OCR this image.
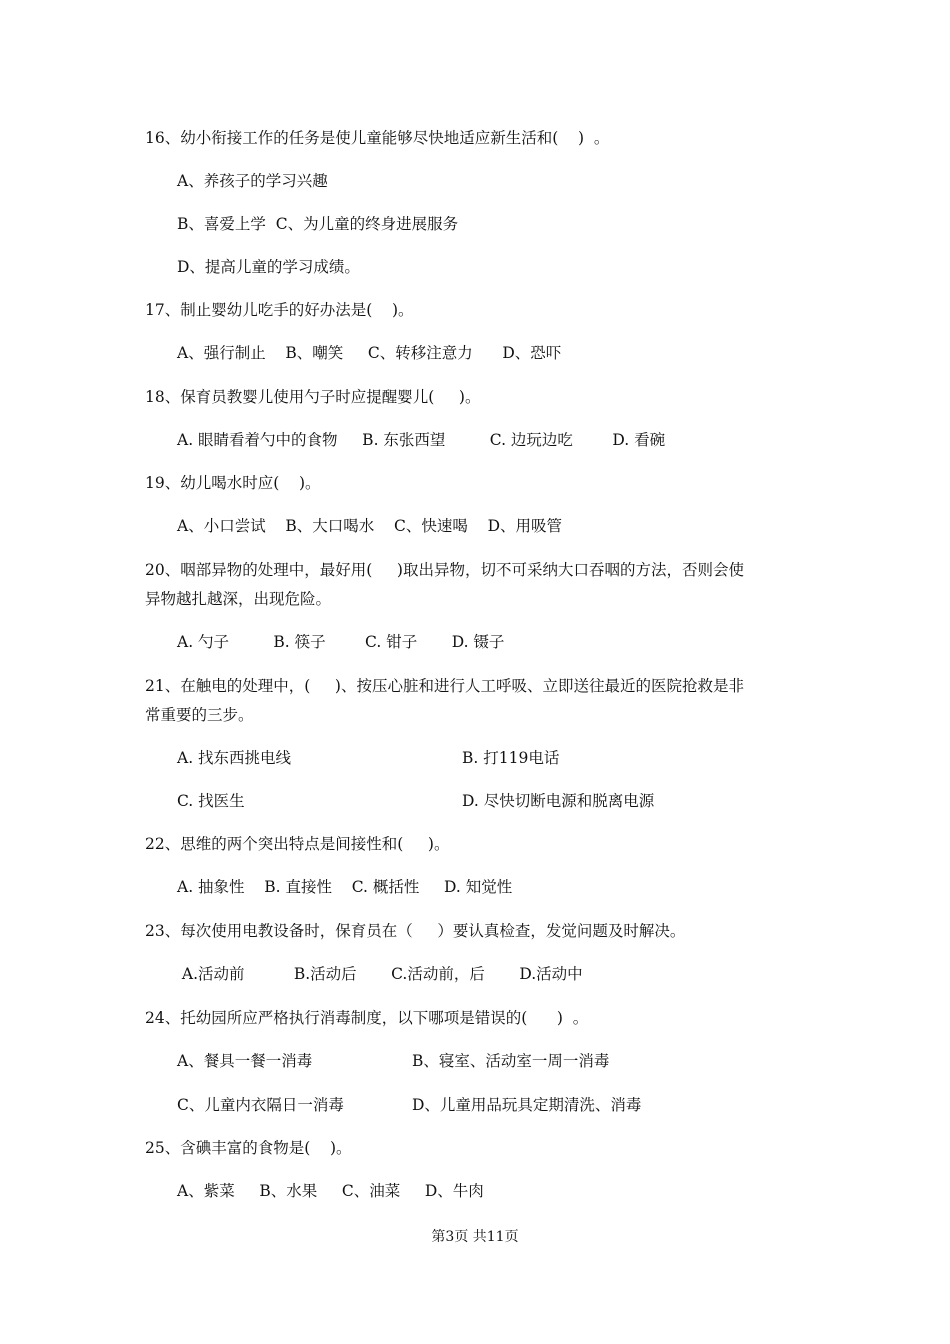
16、幼小衔接工作的任务是使儿童能够尽快地适应新生活和(    )  。
A、养孩子的学习兴趣
B、喜爱上学  C、为儿童的终身进展服务
D、提高儿童的学习成绩。
17、制止婴幼儿吃手的好办法是(    )。
A、强行制止    B、嘲笑     C、转移注意力      D、恐吓
18、保育员教婴儿使用勺子时应提醒婴儿(     )。
A. 眼睛看着勺中的食物     B. 东张西望         C. 边玩边吃        D. 看碗
19、幼儿喝水时应(    )。
A、小口尝试    B、大口喝水    C、快速喝    D、用吸管
20、咽部异物的处理中，最好用(     )取出异物，切不可采纳大口吞咽的方法，否则会使
异物越扎越深，出现危险。
A. 勺子         B. 筷子        C. 钳子       D. 镊子
21、在触电的处理中，(     )、按压心脏和进行人工呼吸、立即送往最近的医院抢救是非
常重要的三步。
A. 找东西挑电线	B. 打119电话
C. 找医生	D. 尽快切断电源和脱离电源
22、思维的两个突出特点是间接性和(     )。
A. 抽象性    B. 直接性    C. 概括性     D. 知觉性
23、每次使用电教设备时，保育员在（     ）要认真检查，发觉问题及时解决。
A.活动前          B.活动后       C.活动前，后       D.活动中
24、托幼园所应严格执行消毒制度，以下哪项是错误的(      )  。
A、餐具一餐一消毒	B、寝室、活动室一周一消毒
C、儿童内衣隔日一消毒	D、儿童用品玩具定期清洗、消毒
25、含碘丰富的食物是(    )。
A、紫菜     B、水果     C、油菜     D、牛肉
第3页 共11页
